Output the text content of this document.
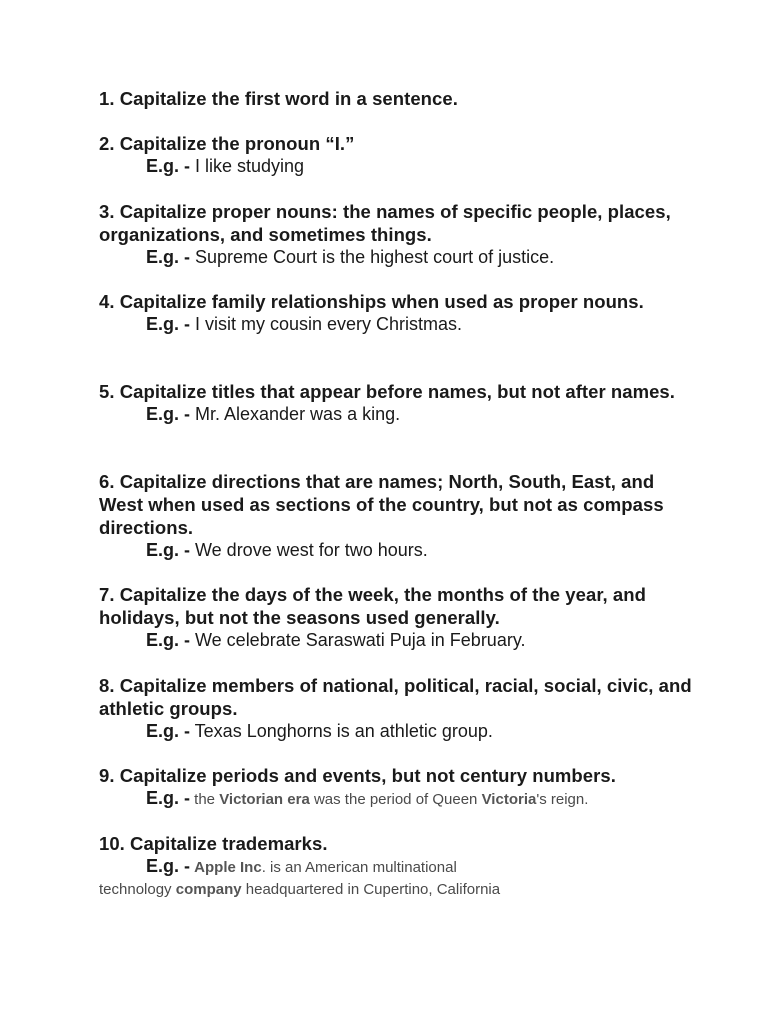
1. Capitalize the first word in a sentence.

2. Capitalize the pronoun “I.”

E.g. - I like studying

3. Capitalize proper nouns: the names of specific people, places, organizations, and sometimes things.

E.g. - Supreme Court is the highest court of justice.

4. Capitalize family relationships when used as proper nouns.

E.g. - I visit my cousin every Christmas.

5. Capitalize titles that appear before names, but not after names.

E.g. - Mr. Alexander was a king.

6. Capitalize directions that are names; North, South, East, and West when used as sections of the country, but not as compass directions.

E.g. - We drove west for two hours.

7. Capitalize the days of the week, the months of the year, and holidays, but not the seasons used generally.

E.g. - We celebrate Saraswati Puja in February.

8. Capitalize members of national, political, racial, social, civic, and athletic groups.

E.g. - Texas Longhorns is an athletic group.

9. Capitalize periods and events, but not century numbers.

E.g. - the Victorian era was the period of Queen Victoria's reign.

10. Capitalize trademarks.

E.g. - Apple Inc. is an American multinational

technology company headquartered in Cupertino, California
